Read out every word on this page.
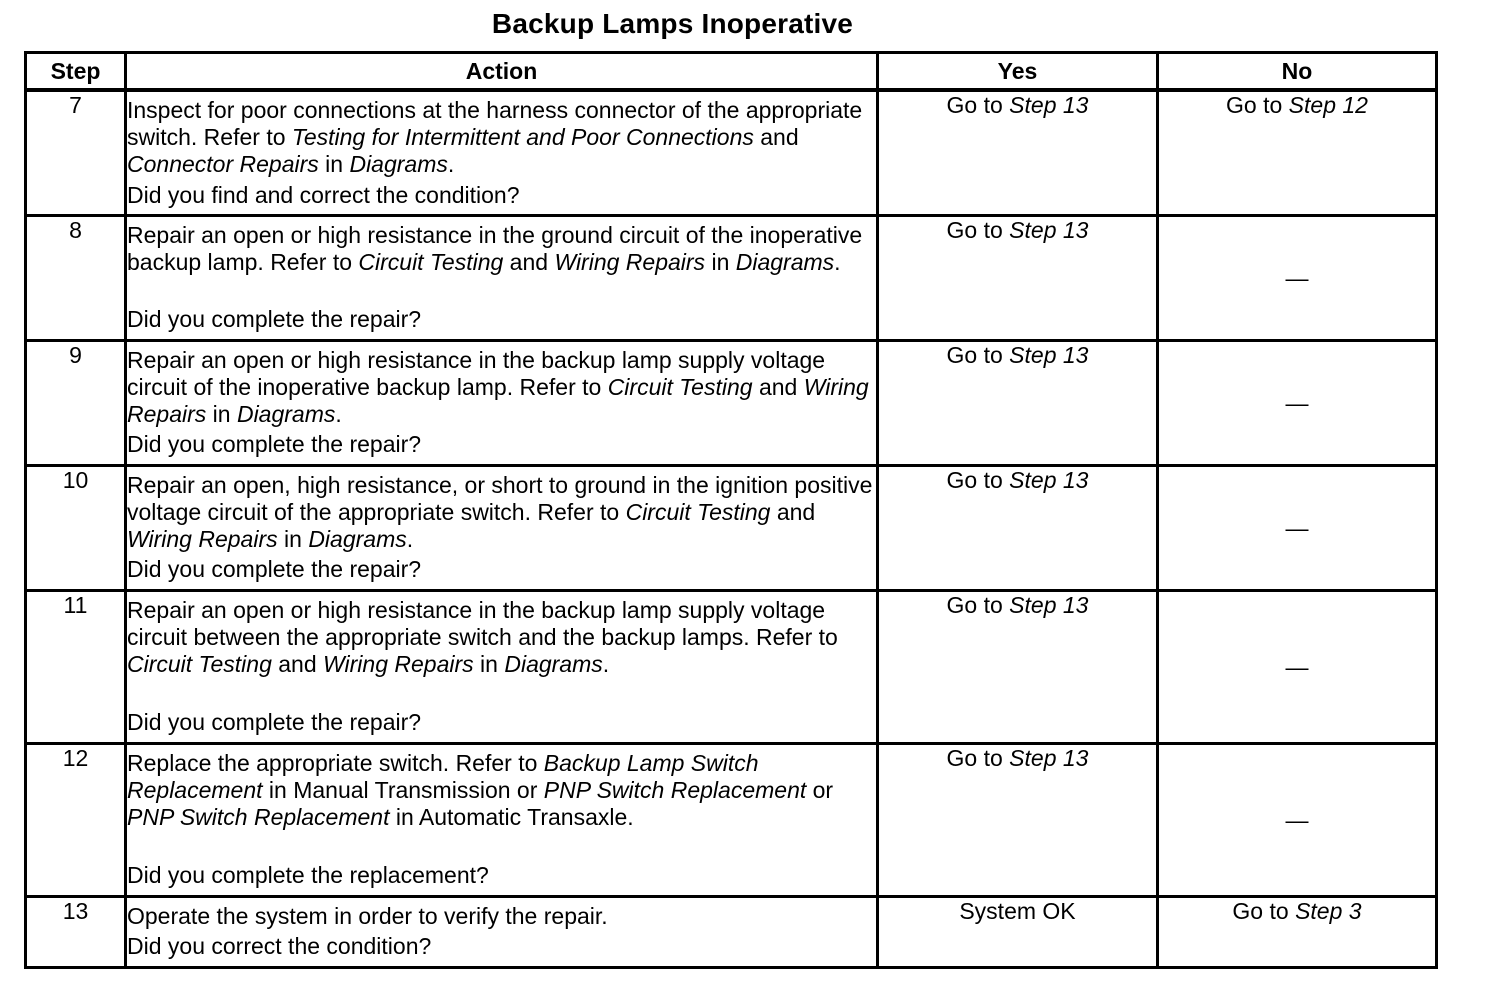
Backup Lamps Inoperative
Step	Action	Yes	No
7	Inspect for poor connections at the harness connector of the appropriate switch. Refer to Testing for Intermittent and Poor Connections and Connector Repairs in Diagrams.
Did you find and correct the condition?	Go to Step 13	Go to Step 12
8	Repair an open or high resistance in the ground circuit of the inoperative backup lamp. Refer to Circuit Testing and Wiring Repairs in Diagrams.
Did you complete the repair?	Go to Step 13	—
9	Repair an open or high resistance in the backup lamp supply voltage circuit of the inoperative backup lamp. Refer to Circuit Testing and Wiring Repairs in Diagrams.
Did you complete the repair?	Go to Step 13	—
10	Repair an open, high resistance, or short to ground in the ignition positive voltage circuit of the appropriate switch. Refer to Circuit Testing and Wiring Repairs in Diagrams.
Did you complete the repair?	Go to Step 13	—
11	Repair an open or high resistance in the backup lamp supply voltage circuit between the appropriate switch and the backup lamps. Refer to Circuit Testing and Wiring Repairs in Diagrams.
Did you complete the repair?	Go to Step 13	—
12	Replace the appropriate switch. Refer to Backup Lamp Switch Replacement in Manual Transmission or PNP Switch Replacement or PNP Switch Replacement in Automatic Transaxle.
Did you complete the replacement?	Go to Step 13	—
13	Operate the system in order to verify the repair.
Did you correct the condition?	System OK	Go to Step 3
